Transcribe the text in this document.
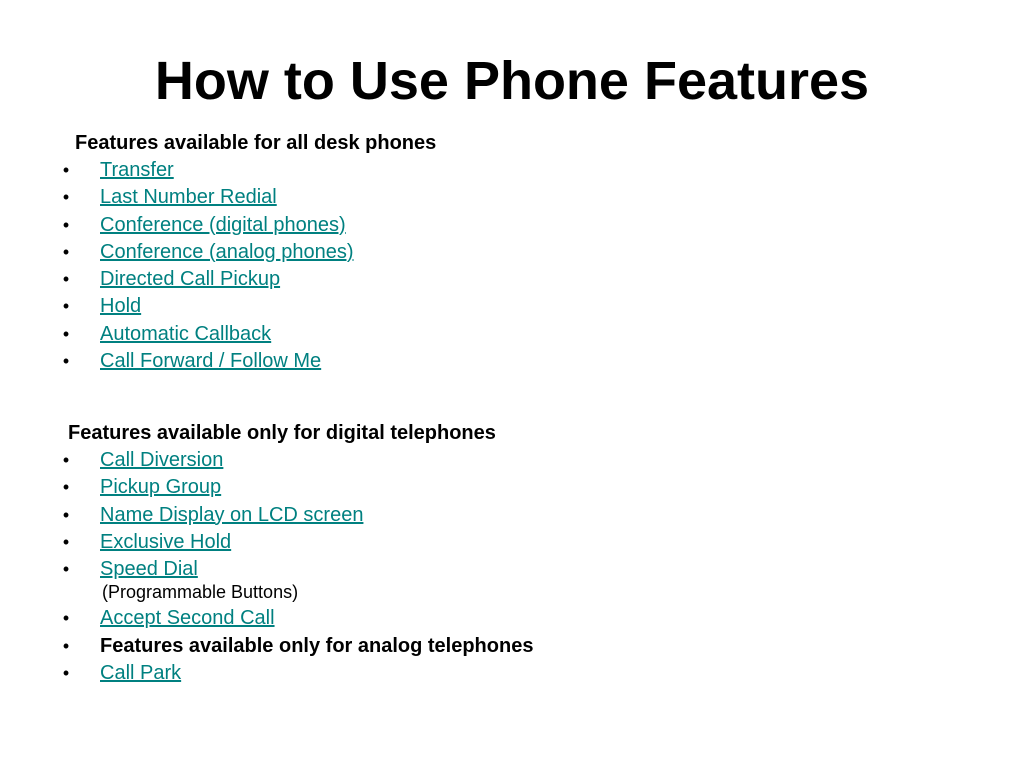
How to Use Phone Features

Features available for all desk phones

• Transfer
• Last Number Redial
• Conference (digital phones)
• Conference (analog phones)
• Directed Call Pickup
• Hold
• Automatic Callback
• Call Forward / Follow Me

Features available only for digital telephones

• Call Diversion
• Pickup Group
• Name Display on LCD screen
• Exclusive Hold
• Speed Dial
(Programmable Buttons)
• Accept Second Call
• Features available only for analog telephones
• Call Park
